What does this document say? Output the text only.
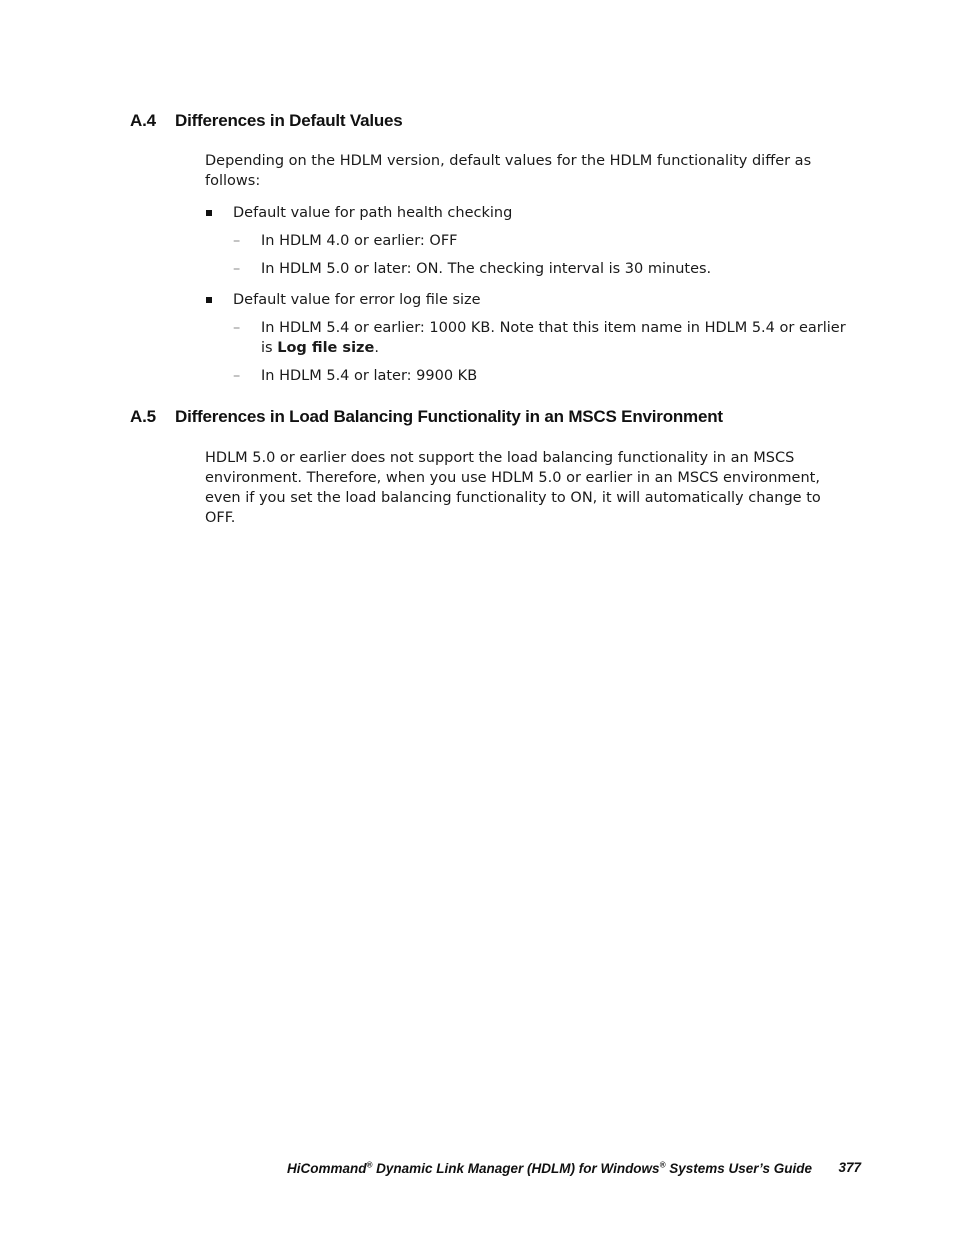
A.4 Differences in Default Values

Depending on the HDLM version, default values for the HDLM functionality differ as follows:

Default value for path health checking
– In HDLM 4.0 or earlier: OFF
– In HDLM 5.0 or later: ON. The checking interval is 30 minutes.
Default value for error log file size
– In HDLM 5.4 or earlier: 1000 KB. Note that this item name in HDLM 5.4 or earlier is Log file size.
– In HDLM 5.4 or later: 9900 KB
A.5 Differences in Load Balancing Functionality in an MSCS Environment

HDLM 5.0 or earlier does not support the load balancing functionality in an MSCS environment. Therefore, when you use HDLM 5.0 or earlier in an MSCS environment, even if you set the load balancing functionality to ON, it will automatically change to OFF.

HiCommand® Dynamic Link Manager (HDLM) for Windows® Systems User’s Guide 377
